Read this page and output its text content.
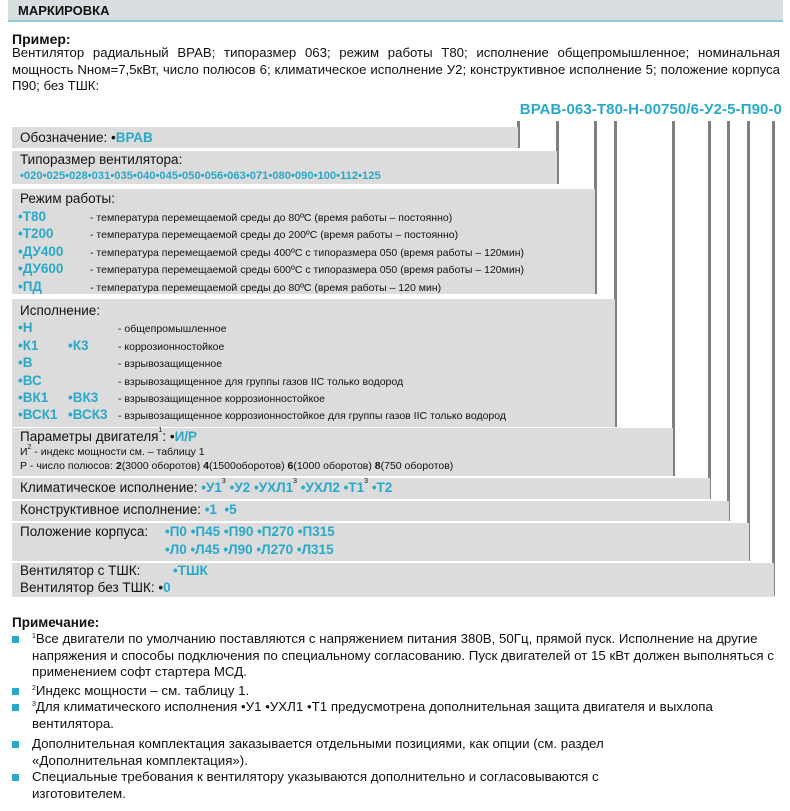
МАРКИРОВКА
Пример:
Вентилятор радиальный ВРАВ; типоразмер 063; режим работы Т80; исполнение общепромышленное; номинальная мощность Nном=7,5кВт, число полюсов 6; климатическое исполнение У2; конструктивное исполнение 5; положение корпуса П90; без ТШК:
ВРАВ-063-Т80-Н-00750/6-У2-5-П90-0
Обозначение: •ВРАВ
Типоразмер вентилятора:
•020•025•028•031•035•040•045•050•056•063•071•080•090•100•112•125
Режим работы:
•Т80	- температура перемещаемой среды до 80ºС (время работы – постоянно)
•Т200	- температура перемещаемой среды до 200ºС (время работы – постоянно)
•ДУ400	- температура перемещаемой среды 400ºС с типоразмера 050 (время работы – 120мин)
•ДУ600	- температура перемещаемой среды 600ºС с типоразмера 050 (время работы – 120мин)
•ПД	- температура перемещаемой среды до 80ºС (время работы – 120 мин)
Исполнение:
•Н	- общепромышленное
•К1 •К3	- коррозионностойкое
•В	- взрывозащищенное
•ВС	- взрывозащищенное для группы газов IIC только водород
•ВК1 •ВК3 - взрывозащищенное коррозионностойкое
•ВСК1 •ВСК3 - взрывозащищенное коррозионностойкое для группы газов IIC только водород
Параметры двигателя$^1$: •И/Р
$И^2$ - индекс мощности см. – таблицу 1
Р - число полюсов: 2(3000 оборотов) 4(1500оборотов) 6(1000 оборотов) 8(750 оборотов)
Климатическое исполнение: $•У1^3$ •У2 $•УХЛ1^3$ •УХЛ2 $•Т1^3$ •Т2
Конструктивное исполнение: •1 •5
Положение корпуса: •П0 •П45 •П90 •П270 •П315
•Л0 •Л45 •Л90 •Л270 •Л315
Вентилятор с ТШК: •ТШК
Вентилятор без ТШК: •0
Примечание:
$^1$Все двигатели по умолчанию поставляются с напряжением питания 380В, 50Гц, прямой пуск. Исполнение на другие напряжения и способы подключения по специальному согласованию. Пуск двигателей от 15 кВт должен выполняться с применением софт стартера МСД.
$^2$Индекс мощности – см. таблицу 1.
$^3$Для климатического исполнения •У1 •УХЛ1 •Т1 предусмотрена дополнительная защита двигателя и выхлопа вентилятора.
Дополнительная комплектация заказывается отдельными позициями, как опции (см. раздел «Дополнительная комплектация»).
Специальные требования к вентилятору указываются дополнительно и согласовываются с изготовителем.
